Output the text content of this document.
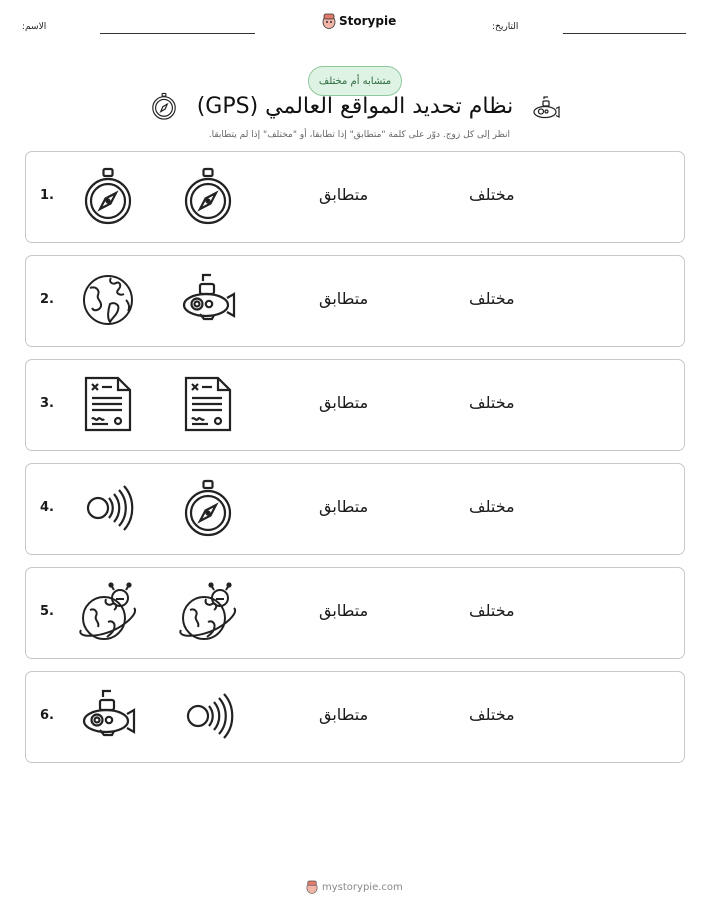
الاسم:	Storypie	التاريخ:
متشابه أم مختلف
نظام تحديد المواقع العالمي (GPS)
انظر إلى كل زوج. دوّر على كلمة "متطابق" إذا تطابقا، أو "مختلف" إذا لم يتطابقا.
1.	متطابق	مختلف
2.	متطابق	مختلف
3.	متطابق	مختلف
4.	متطابق	مختلف
5.	متطابق	مختلف
6.	متطابق	مختلف
mystorypie.com
